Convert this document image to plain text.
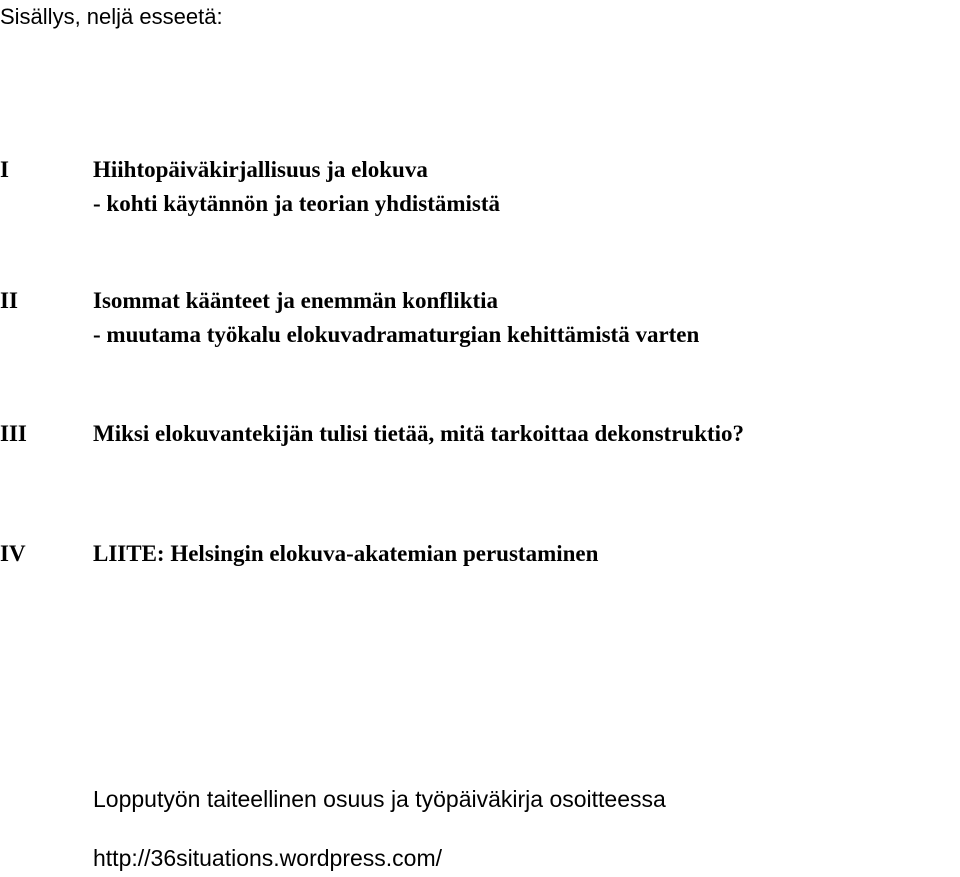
Sisällys, neljä esseetä:
I	Hiihtopäiväkirjallisuus ja elokuva
- kohti käytännön ja teorian yhdistämistä
II	Isommat käänteet ja enemmän konfliktia
- muutama työkalu elokuvadramaturgian kehittämistä varten
III	Miksi elokuvantekijän tulisi tietää, mitä tarkoittaa dekonstruktio?
IV	LIITE: Helsingin elokuva-akatemian perustaminen
Lopputyön taiteellinen osuus ja työpäiväkirja osoitteessa
http://36situations.wordpress.com/
